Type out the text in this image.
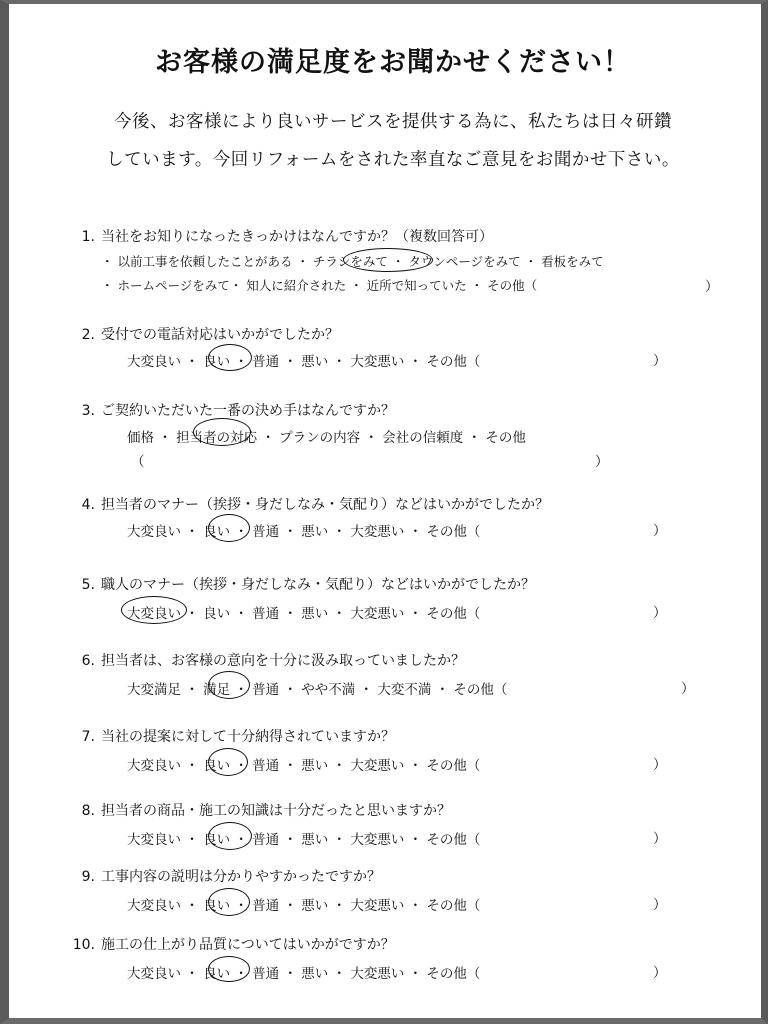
お客様の満足度をお聞かせください！
今後、お客様により良いサービスを提供する為に、私たちは日々研鑽
しています。今回リフォームをされた率直なご意見をお聞かせ下さい。
1. 当社をお知りになったきっかけはなんですか？（複数回答可）
・ 以前工事を依頼したことがある ・ チラシをみて ・ タウンページをみて ・ 看板をみて
・ ホームページをみて・ 知人に紹介された ・ 近所で知っていた ・ その他（	）
2. 受付での電話対応はいかがでしたか？
大変良い ・ 良い ・ 普通 ・ 悪い ・ 大変悪い ・ その他（	）
3. ご契約いただいた一番の決め手はなんですか？
価格 ・ 担当者の対応 ・ プランの内容 ・ 会社の信頼度 ・ その他
（	）
4. 担当者のマナー（挨拶・身だしなみ・気配り）などはいかがでしたか？
大変良い ・ 良い ・ 普通 ・ 悪い ・ 大変悪い ・ その他（	）
5. 職人のマナー（挨拶・身だしなみ・気配り）などはいかがでしたか？
大変良い ・ 良い ・ 普通 ・ 悪い ・ 大変悪い ・ その他（	）
6. 担当者は、お客様の意向を十分に汲み取っていましたか？
大変満足 ・ 満足 ・ 普通 ・ やや不満 ・ 大変不満 ・ その他（	）
7. 当社の提案に対して十分納得されていますか？
大変良い ・ 良い ・ 普通 ・ 悪い ・ 大変悪い ・ その他（	）
8. 担当者の商品・施工の知識は十分だったと思いますか？
大変良い ・ 良い ・ 普通 ・ 悪い ・ 大変悪い ・ その他（	）
9. 工事内容の説明は分かりやすかったですか？
大変良い ・ 良い ・ 普通 ・ 悪い ・ 大変悪い ・ その他（	）
10. 施工の仕上がり品質についてはいかがですか？
大変良い ・ 良い ・ 普通 ・ 悪い ・ 大変悪い ・ その他（	）
